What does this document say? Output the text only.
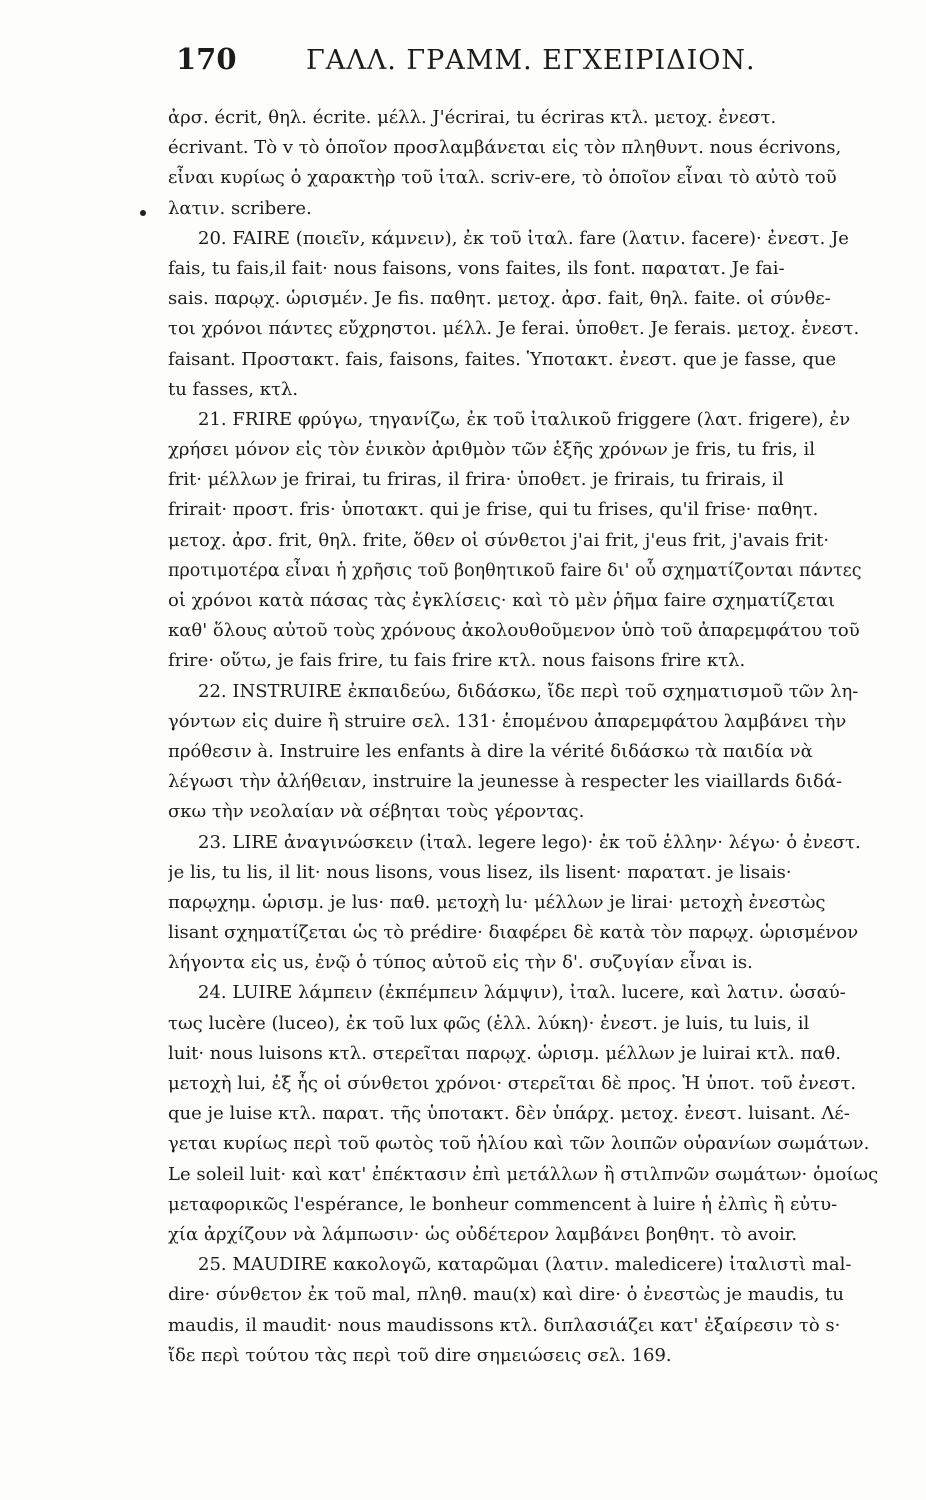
170	ΓΑΛΛ. ΓΡΑΜΜ. ΕΓΧΕΙΡΙΔΙΟΝ.
ἀρσ. écrit, θηλ. écrite. μέλλ. J'écrirai, tu écriras κτλ. μετοχ. ἐνεστ.
écrivant. Τὸ v τὸ ὁποῖον προσλαμβάνεται εἰς τὸν πληθυντ. nous écrivons,
εἶναι κυρίως ὁ χαρακτὴρ τοῦ ἰταλ. scriv-ere, τὸ ὁποῖον εἶναι τὸ αὐτὸ τοῦ
λατιν. scribere.
20. FAIRE (ποιεῖν, κάμνειν), ἐκ τοῦ ἰταλ. fare (λατιν. facere)· ἐνεστ. Je
fais, tu fais,il fait· nous faisons, vons faites, ils font. παρατατ. Je fai-
sais. παρῳχ. ὡρισμέν. Je fis. παθητ. μετοχ. ἀρσ. fait, θηλ. faite. οἱ σύνθε-
τοι χρόνοι πάντες εὔχρηστοι. μέλλ. Je ferai. ὑποθετ. Je ferais. μετοχ. ἐνεστ.
faisant. Προστακτ. fais, faisons, faites. Ὑποτακτ. ἐνεστ. que je fasse, que
tu fasses, κτλ.
21. FRIRE φρύγω, τηγανίζω, ἐκ τοῦ ἰταλικοῦ friggere (λατ. frigere), ἐν
χρήσει μόνον εἰς τὸν ἑνικὸν ἀριθμὸν τῶν ἑξῆς χρόνων je fris, tu fris, il
frit· μέλλων je frirai, tu friras, il frira· ὑποθετ. je frirais, tu frirais, il
frirait· προστ. fris· ὑποτακτ. qui je frise, qui tu frises, qu'il frise· παθητ.
μετοχ. ἀρσ. frit, θηλ. frite, ὅθεν οἱ σύνθετοι j'ai frit, j'eus frit, j'avais frit·
προτιμοτέρα εἶναι ἡ χρῆσις τοῦ βοηθητικοῦ faire δι' οὗ σχηματίζονται πάντες
οἱ χρόνοι κατὰ πάσας τὰς ἐγκλίσεις· καὶ τὸ μὲν ῥῆμα faire σχηματίζεται
καθ' ὅλους αὐτοῦ τοὺς χρόνους ἀκολουθοῦμενον ὑπὸ τοῦ ἀπαρεμφάτου τοῦ
frire· οὕτω, je fais frire, tu fais frire κτλ. nous faisons frire κτλ.
22. INSTRUIRE ἐκπαιδεύω, διδάσκω, ἴδε περὶ τοῦ σχηματισμοῦ τῶν λη-
γόντων εἰς duire ἢ struire σελ. 131· ἑπομένου ἀπαρεμφάτου λαμβάνει τὴν
πρόθεσιν à. Instruire les enfants à dire la vérité διδάσκω τὰ παιδία νὰ
λέγωσι τὴν ἀλήθειαν, instruire la jeunesse à respecter les viaillards διδά-
σκω τὴν νεολαίαν νὰ σέβηται τοὺς γέροντας.
23. LIRE ἀναγινώσκειν (ἰταλ. legere lego)· ἐκ τοῦ ἑλλην· λέγω· ὁ ἐνεστ.
je lis, tu lis, il lit· nous lisons, vous lisez, ils lisent· παρατατ. je lisais·
παρῳχημ. ὡρισμ. je lus· παθ. μετοχὴ lu· μέλλων je lirai· μετοχὴ ἐνεστὼς
lisant σχηματίζεται ὡς τὸ prédire· διαφέρει δὲ κατὰ τὸν παρῳχ. ὡρισμένον
λήγοντα εἰς us, ἐνῷ ὁ τύπος αὐτοῦ εἰς τὴν δ'. συζυγίαν εἶναι is.
24. LUIRE λάμπειν (ἐκπέμπειν λάμψιν), ἰταλ. lucere, καὶ λατιν. ὡσαύ-
τως lucère (luceo), ἐκ τοῦ lux φῶς (ἑλλ. λύκη)· ἐνεστ. je luis, tu luis, il
luit· nous luisons κτλ. στερεῖται παρῳχ. ὡρισμ. μέλλων je luirai κτλ. παθ.
μετοχὴ lui, ἐξ ἧς οἱ σύνθετοι χρόνοι· στερεῖται δὲ προς. Ἡ ὑποτ. τοῦ ἐνεστ.
que je luise κτλ. παρατ. τῆς ὑποτακτ. δὲν ὑπάρχ. μετοχ. ἐνεστ. luisant. Λέ-
γεται κυρίως περὶ τοῦ φωτὸς τοῦ ἡλίου καὶ τῶν λοιπῶν οὐρανίων σωμάτων.
Le soleil luit· καὶ κατ' ἐπέκτασιν ἐπὶ μετάλλων ἢ στιλπνῶν σωμάτων· ὁμοίως
μεταφορικῶς l'espérance, le bonheur commencent à luire ἡ ἐλπὶς ἢ εὐτυ-
χία ἀρχίζουν νὰ λάμπωσιν· ὡς οὐδέτερον λαμβάνει βοηθητ. τὸ avoir.
25. MAUDIRE κακολογῶ, καταρῶμαι (λατιν. maledicere) ἰταλιστὶ mal-
dire· σύνθετον ἐκ τοῦ mal, πληθ. mau(x) καὶ dire· ὁ ἐνεστὼς je maudis, tu
maudis, il maudit· nous maudissons κτλ. διπλασιάζει κατ' ἐξαίρεσιν τὸ s·
ἴδε περὶ τούτου τὰς περὶ τοῦ dire σημειώσεις σελ. 169.
